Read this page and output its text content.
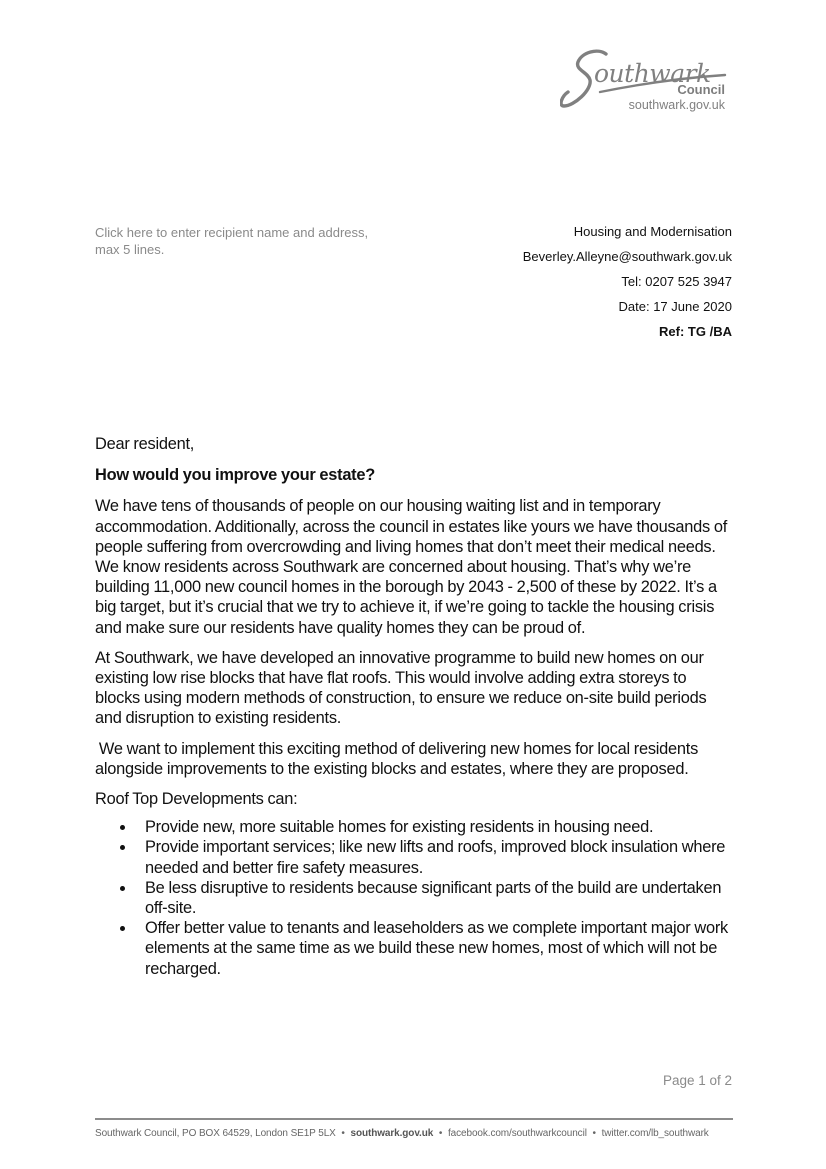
outhwark
Council
southwark.gov.uk
Click here to enter recipient name and address,
max 5 lines.
Housing and Modernisation
Beverley.Alleyne@southwark.gov.uk
Tel: 0207 525 3947
Date: 17 June 2020
Ref: TG /BA

Dear resident,

How would you improve your estate?

We have tens of thousands of people on our housing waiting list and in temporary accommodation. Additionally, across the council in estates like yours we have thousands of people suffering from overcrowding and living homes that don’t meet their medical needs. We know residents across Southwark are concerned about housing. That’s why we’re building 11,000 new council homes in the borough by 2043 - 2,500 of these by 2022. It’s a big target, but it’s crucial that we try to achieve it, if we’re going to tackle the housing crisis and make sure our residents have quality homes they can be proud of.

At Southwark, we have developed an innovative programme to build new homes on our existing low rise blocks that have flat roofs. This would involve adding extra storeys to blocks using modern methods of construction, to ensure we reduce on-site build periods and disruption to existing residents.

We want to implement this exciting method of delivering new homes for local residents alongside improvements to the existing blocks and estates, where they are proposed.

Roof Top Developments can:

Provide new, more suitable homes for existing residents in housing need.
Provide important services; like new lifts and roofs, improved block insulation where needed and better fire safety measures.
Be less disruptive to residents because significant parts of the build are undertaken off-site.
Offer better value to tenants and leaseholders as we complete important major work elements at the same time as we build these new homes, most of which will not be recharged.
Page 1 of 2
Southwark Council, PO BOX 64529, London SE1P 5LX • southwark.gov.uk • facebook.com/southwarkcouncil • twitter.com/lb_southwark
